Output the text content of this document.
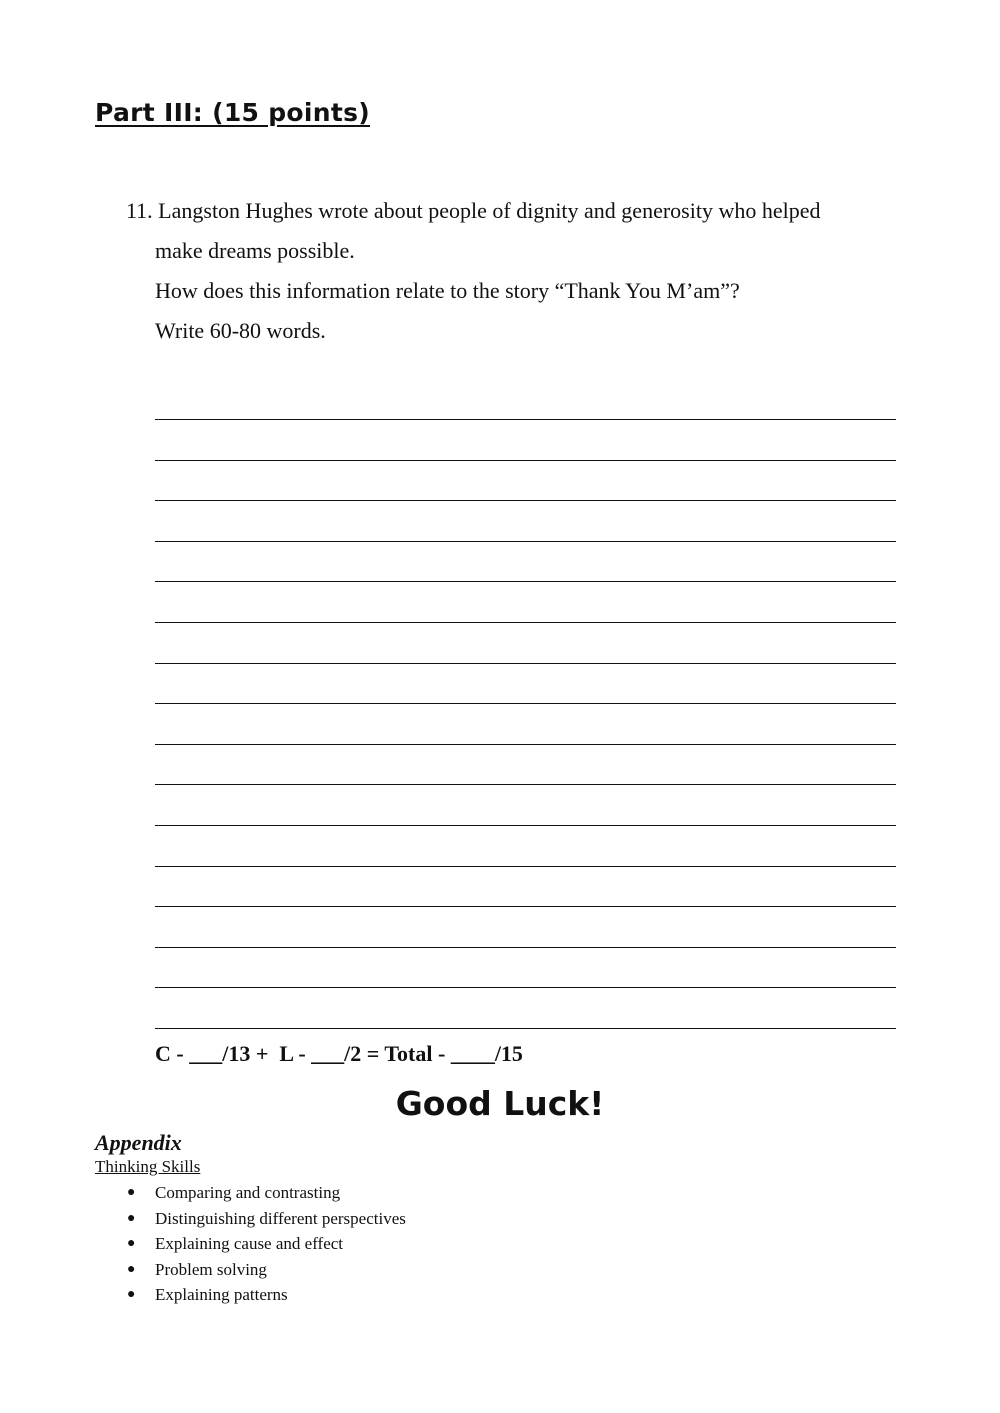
Part III: (15 points)

11. Langston Hughes wrote about people of dignity and generosity who helped

make dreams possible.

How does this information relate to the story “Thank You M’am”?

Write 60-80 words.

C - ___/13 +  L - ___/2 = Total - ____/15
Good Luck!
Appendix
Thinking Skills
● Comparing and contrasting
● Distinguishing different perspectives
● Explaining cause and effect
● Problem solving
● Explaining patterns
